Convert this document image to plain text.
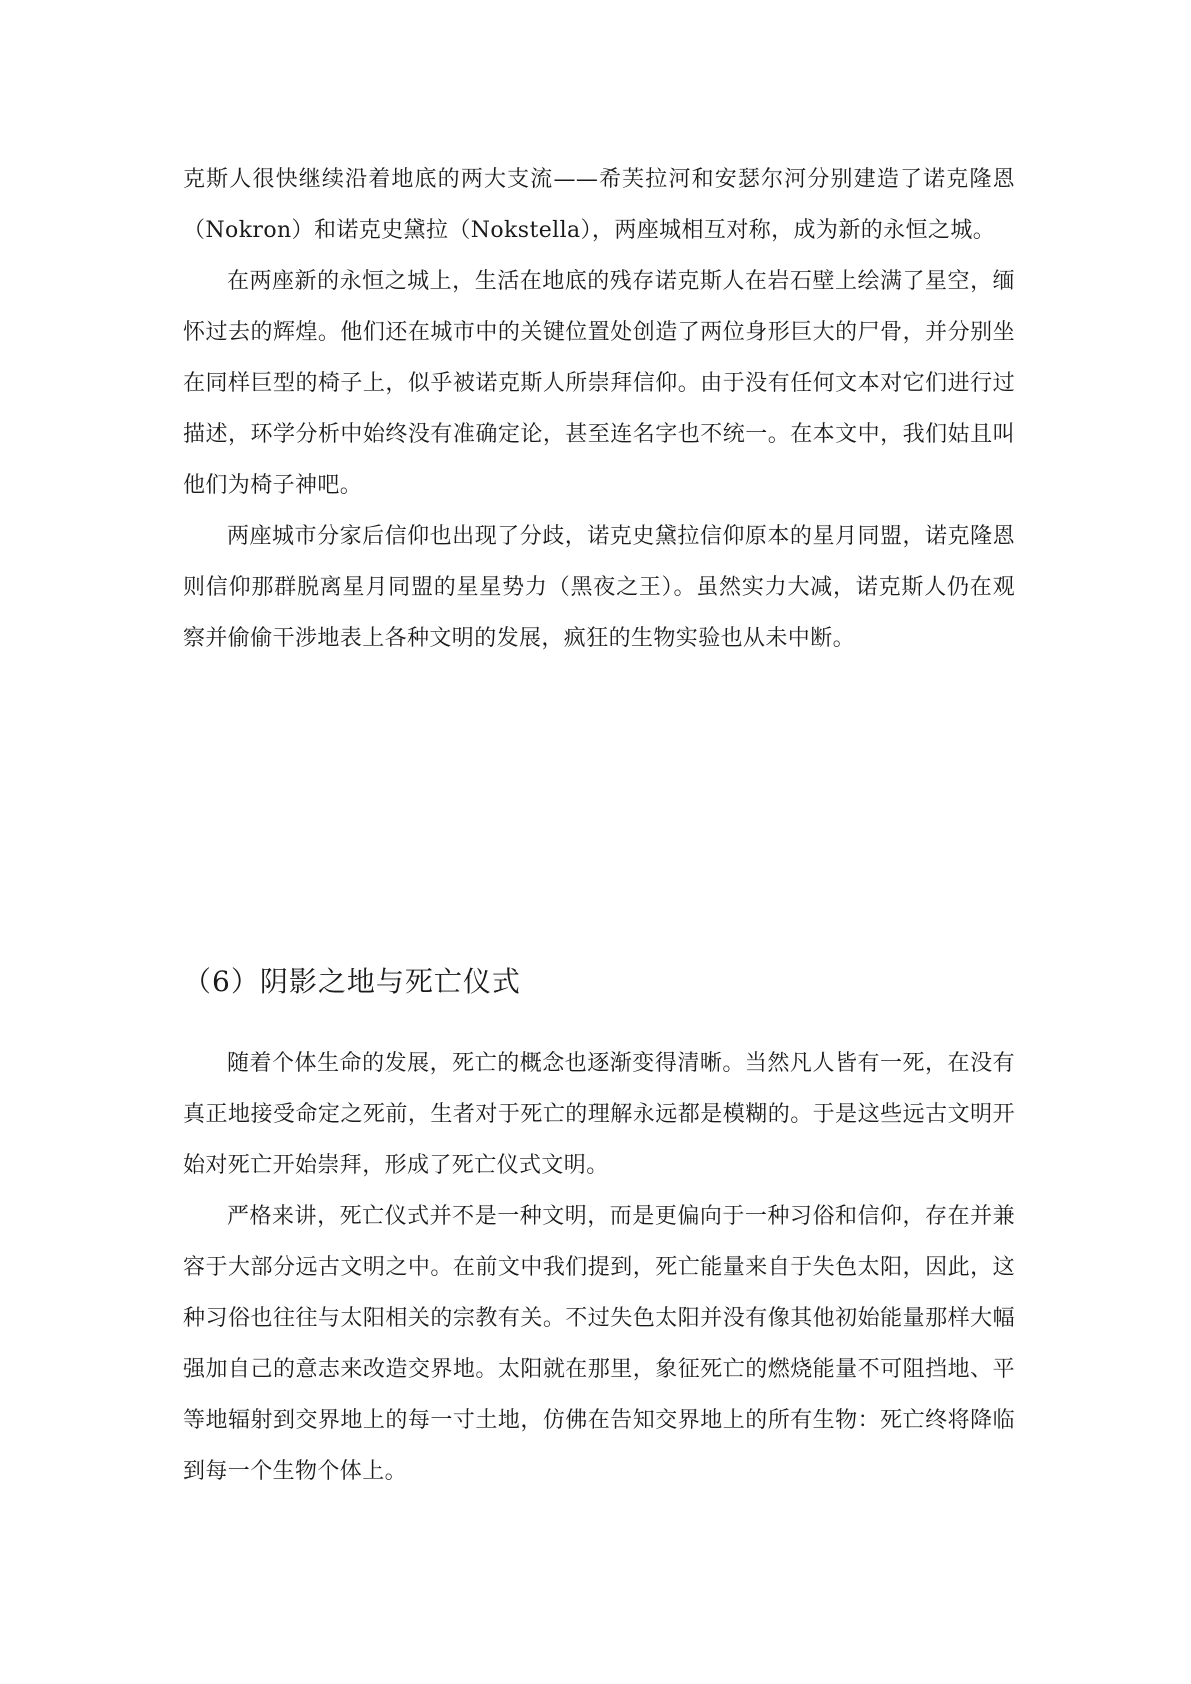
克斯人很快继续沿着地底的两大支流——希芙拉河和安瑟尔河分别建造了诺克隆恩（Nokron）和诺克史黛拉（Nokstella），两座城相互对称，成为新的永恒之城。

在两座新的永恒之城上，生活在地底的残存诺克斯人在岩石壁上绘满了星空，缅怀过去的辉煌。他们还在城市中的关键位置处创造了两位身形巨大的尸骨，并分别坐在同样巨型的椅子上，似乎被诺克斯人所崇拜信仰。由于没有任何文本对它们进行过描述，环学分析中始终没有准确定论，甚至连名字也不统一。在本文中，我们姑且叫他们为椅子神吧。

两座城市分家后信仰也出现了分歧，诺克史黛拉信仰原本的星月同盟，诺克隆恩则信仰那群脱离星月同盟的星星势力（黑夜之王）。虽然实力大减，诺克斯人仍在观察并偷偷干涉地表上各种文明的发展，疯狂的生物实验也从未中断。

（6）阴影之地与死亡仪式

随着个体生命的发展，死亡的概念也逐渐变得清晰。当然凡人皆有一死，在没有真正地接受命定之死前，生者对于死亡的理解永远都是模糊的。于是这些远古文明开始对死亡开始崇拜，形成了死亡仪式文明。

严格来讲，死亡仪式并不是一种文明，而是更偏向于一种习俗和信仰，存在并兼容于大部分远古文明之中。在前文中我们提到，死亡能量来自于失色太阳，因此，这种习俗也往往与太阳相关的宗教有关。不过失色太阳并没有像其他初始能量那样大幅强加自己的意志来改造交界地。太阳就在那里，象征死亡的燃烧能量不可阻挡地、平等地辐射到交界地上的每一寸土地，仿佛在告知交界地上的所有生物：死亡终将降临到每一个生物个体上。
